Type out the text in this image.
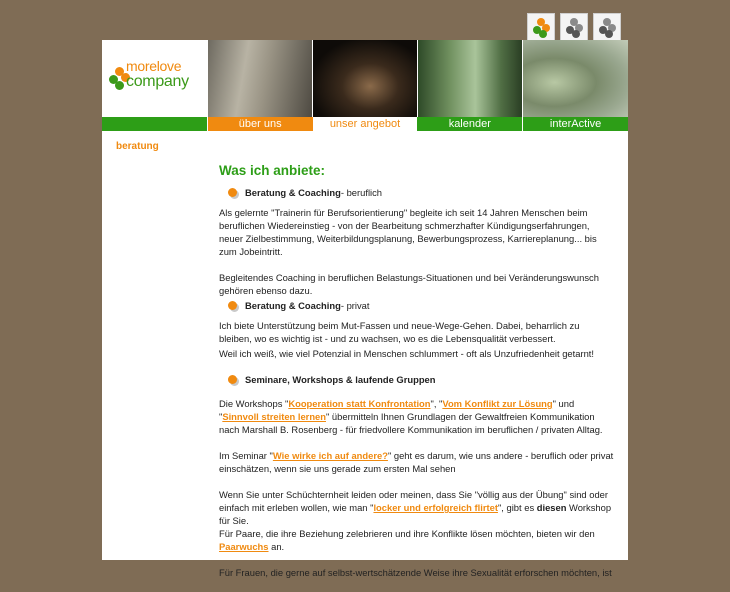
morelove
company
über uns	unser angebot	kalender	interActive
beratung
Was ich anbiete:
Beratung & Coaching - beruflich
Als gelernte "Trainerin für Berufsorientierung" begleite ich seit 14 Jahren Menschen beim beruflichen Wiedereinstieg - von der Bearbeitung schmerzhafter Kündigungserfahrungen, neuer Zielbestimmung, Weiterbildungsplanung, Bewerbungsprozess, Karriereplanung... bis zum Jobeintritt.
Begleitendes Coaching in beruflichen Belastungs-Situationen und bei Veränderungswunsch gehören ebenso dazu.
Beratung & Coaching - privat
Ich biete Unterstützung beim Mut-Fassen und neue-Wege-Gehen. Dabei, beharrlich zu bleiben, wo es wichtig ist - und zu wachsen, wo es die Lebensqualität verbessert.
Weil ich weiß, wie viel Potenzial in Menschen schlummert - oft als Unzufriedenheit getarnt!
Seminare, Workshops & laufende Gruppen
Die Workshops "Kooperation statt Konfrontation", "Vom Konflikt zur Lösung" und "Sinnvoll streiten lernen" übermitteln Ihnen Grundlagen der Gewaltfreien Kommunikation nach Marshall B. Rosenberg - für friedvollere Kommunikation im beruflichen / privaten Alltag.
Im Seminar "Wie wirke ich auf andere?" geht es darum, wie uns andere - beruflich oder privat einschätzen, wenn sie uns gerade zum ersten Mal sehen
Wenn Sie unter Schüchternheit leiden oder meinen, dass Sie "völlig aus der Übung" sind oder einfach mit erleben wollen, wie man "locker und erfolgreich flirtet", gibt es diesen Workshop für Sie.
Für Paare, die ihre Beziehung zelebrieren und ihre Konflikte lösen möchten, bieten wir den Paarwuchs an.
Für Frauen, die gerne auf selbst-wertschätzende Weise ihre Sexualität erforschen möchten, ist
